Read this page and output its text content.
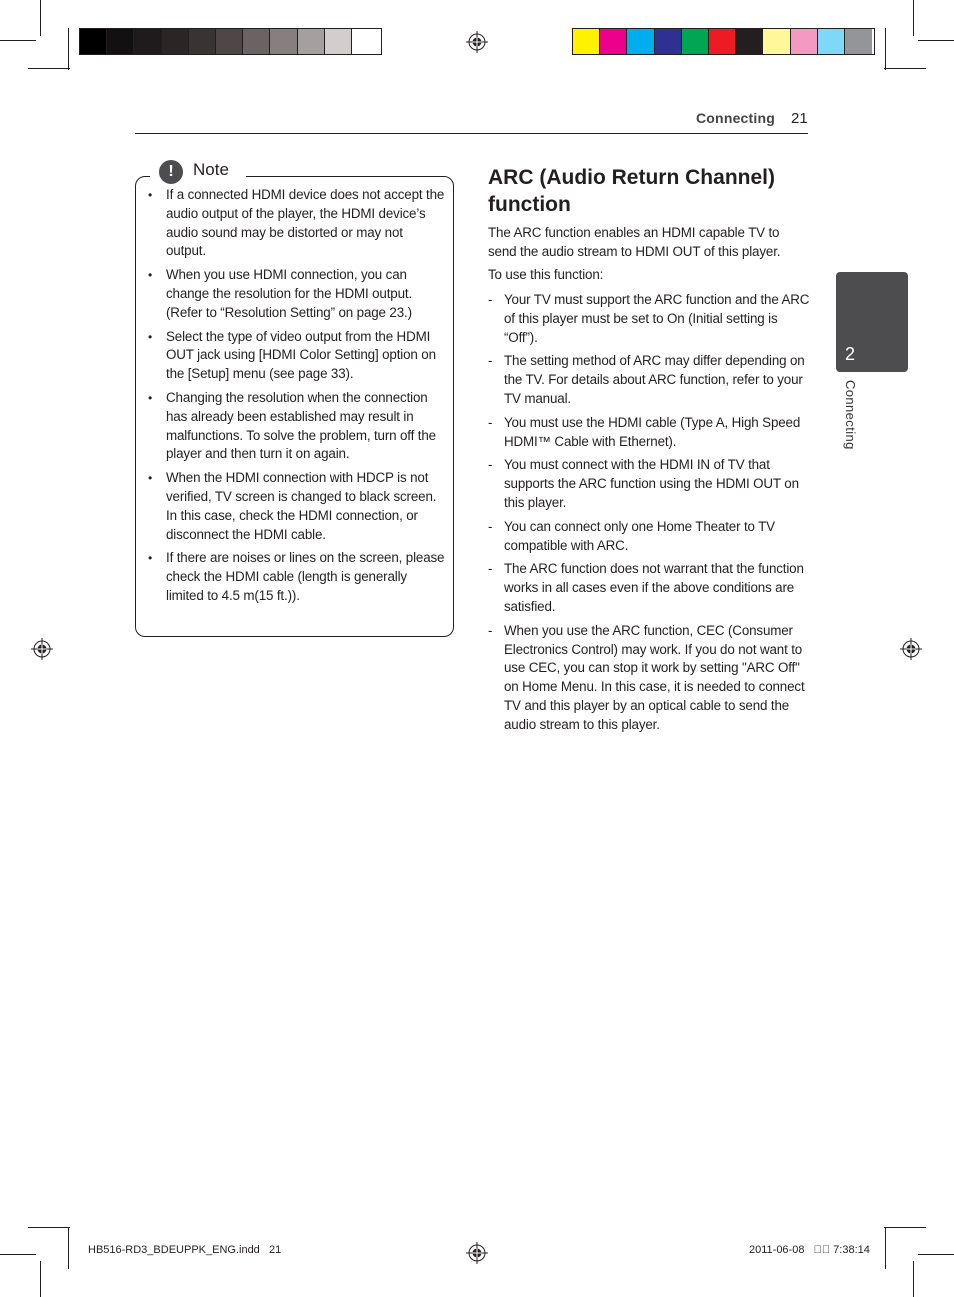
Connecting 21
2
Connecting
!	Note
• If a connected HDMI device does not accept the audio output of the player, the HDMI device’s audio sound may be distorted or may not output.
• When you use HDMI connection, you can change the resolution for the HDMI output. (Refer to “Resolution Setting” on page 23.)
• Select the type of video output from the HDMI OUT jack using [HDMI Color Setting] option on the [Setup] menu (see page 33).
• Changing the resolution when the connection has already been established may result in malfunctions. To solve the problem, turn off the player and then turn it on again.
• When the HDMI connection with HDCP is not verified, TV screen is changed to black screen. In this case, check the HDMI connection, or disconnect the HDMI cable.
• If there are noises or lines on the screen, please check the HDMI cable (length is generally limited to 4.5 m(15 ft.)).
ARC (Audio Return Channel) function
The ARC function enables an HDMI capable TV to send the audio stream to HDMI OUT of this player.
To use this function:
- Your TV must support the ARC function and the ARC of this player must be set to On (Initial setting is “Off”).
- The setting method of ARC may differ depending on the TV. For details about ARC function, refer to your TV manual.
- You must use the HDMI cable (Type A, High Speed HDMI™ Cable with Ethernet).
- You must connect with the HDMI IN of TV that supports the ARC function using the HDMI OUT on this player.
- You can connect only one Home Theater to TV compatible with ARC.
- The ARC function does not warrant that the function works in all cases even if the above conditions are satisfied.
- When you use the ARC function, CEC (Consumer Electronics Control) may work. If you do not want to use CEC, you can stop it work by setting "ARC Off" on Home Menu. In this case, it is needed to connect TV and this player by an optical cable to send the audio stream to this player.
HB516-RD3_BDEUPPK_ENG.indd   21	2011-06-08   ￿￿ 7:38:14
